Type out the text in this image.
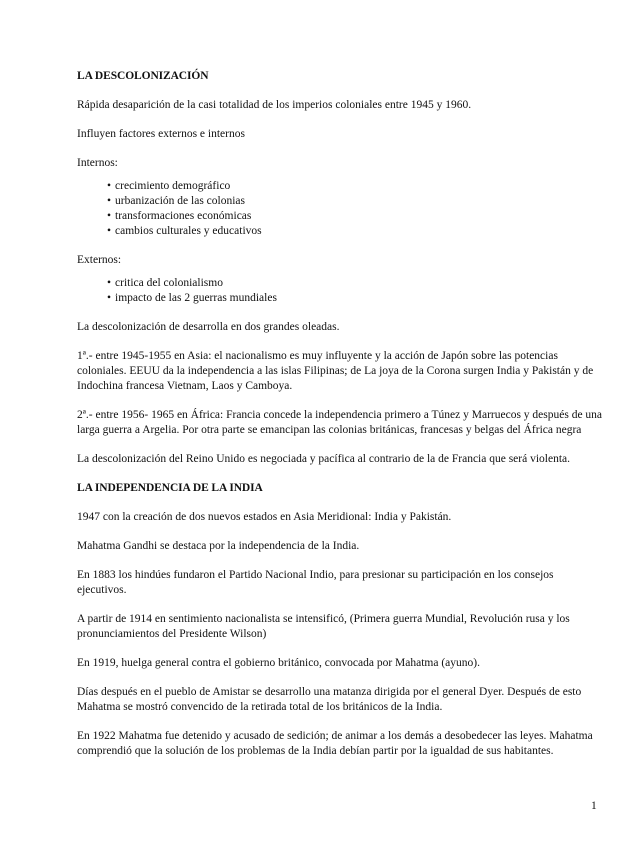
LA DESCOLONIZACIÓN

Rápida desaparición de la casi totalidad de los imperios coloniales entre 1945 y 1960.

Influyen factores externos e internos

Internos:

• crecimiento demográfico
• urbanización de las colonias
• transformaciones económicas
• cambios culturales y educativos

Externos:

• critica del colonialismo
• impacto de las 2 guerras mundiales

La descolonización de desarrolla en dos grandes oleadas.

1ª.- entre 1945-1955 en Asia: el nacionalismo es muy influyente y la acción de Japón sobre las potencias coloniales. EEUU da la independencia a las islas Filipinas; de La joya de la Corona surgen India y Pakistán y de Indochina francesa Vietnam, Laos y Camboya.

2ª.- entre 1956- 1965 en África: Francia concede la independencia primero a Túnez y Marruecos y después de una larga guerra a Argelia. Por otra parte se emancipan las colonias británicas, francesas y belgas del África negra

La descolonización del Reino Unido es negociada y pacífica al contrario de la de Francia que será violenta.

LA INDEPENDENCIA DE LA INDIA

1947 con la creación de dos nuevos estados en Asia Meridional: India y Pakistán.

Mahatma Gandhi se destaca por la independencia de la India.

En 1883 los hindúes fundaron el Partido Nacional Indio, para presionar su participación en los consejos ejecutivos.

A partir de 1914 en sentimiento nacionalista se intensificó, (Primera guerra Mundial, Revolución rusa y los pronunciamientos del Presidente Wilson)

En 1919, huelga general contra el gobierno británico, convocada por Mahatma (ayuno).

Días después en el pueblo de Amistar se desarrollo una matanza dirigida por el general Dyer. Después de esto Mahatma se mostró convencido de la retirada total de los británicos de la India.

En 1922 Mahatma fue detenido y acusado de sedición; de animar a los demás a desobedecer las leyes. Mahatma comprendió que la solución de los problemas de la India debían partir por la igualdad de sus habitantes.

1
